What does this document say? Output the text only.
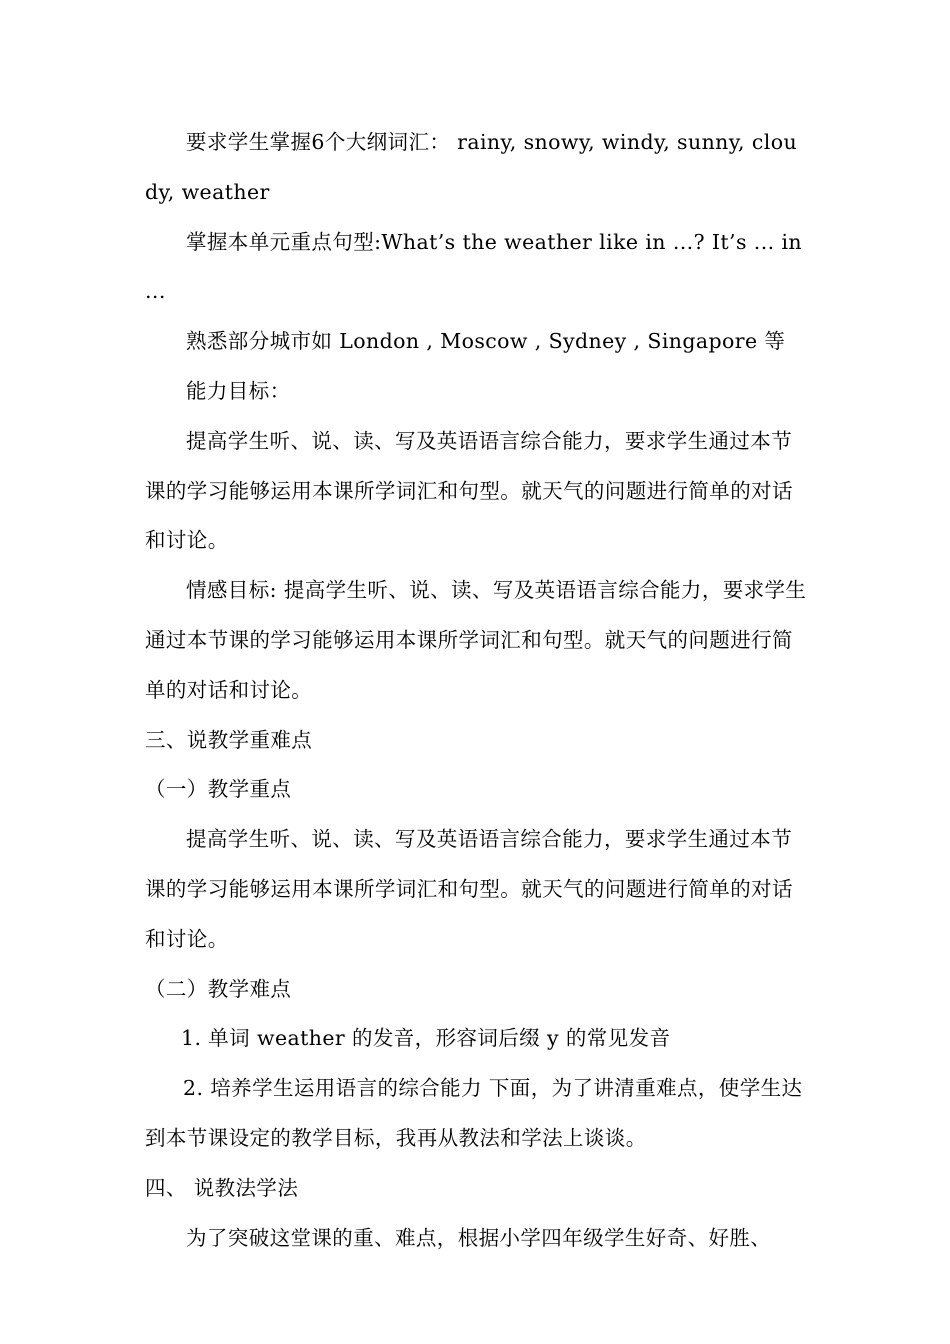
要求学生掌握6个大纲词汇： rainy, snowy, windy, sunny, cloudy, weather

掌握本单元重点句型:What’s the weather like in ...? It’s ... in ...

熟悉部分城市如 London , Moscow , Sydney , Singapore 等

能力目标：

提高学生听、说、读、写及英语语言综合能力，要求学生通过本节课的学习能够运用本课所学词汇和句型。就天气的问题进行简单的对话和讨论。

情感目标: 提高学生听、说、读、写及英语语言综合能力，要求学生通过本节课的学习能够运用本课所学词汇和句型。就天气的问题进行简单的对话和讨论。

三、说教学重难点

（一）教学重点

提高学生听、说、读、写及英语语言综合能力，要求学生通过本节课的学习能够运用本课所学词汇和句型。就天气的问题进行简单的对话和讨论。

（二）教学难点

1. 单词 weather 的发音，形容词后缀 y 的常见发音

2. 培养学生运用语言的综合能力 下面，为了讲清重难点，使学生达到本节课设定的教学目标，我再从教法和学法上谈谈。

四、 说教法学法

为了突破这堂课的重、难点，根据小学四年级学生好奇、好胜、
